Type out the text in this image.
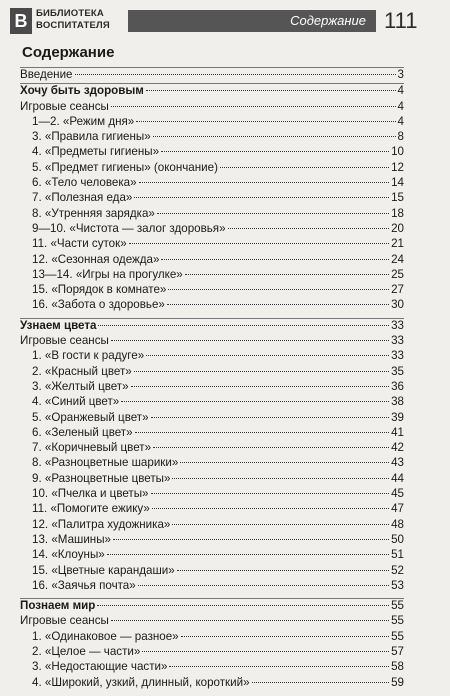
В БИБЛИОТЕКА
ВОСПИТАТЕЛЯ	Содержание 111
Содержание
Введение	3
Хочу быть здоровым	4
Игровые сеансы	4
1—2. «Режим дня»	4
3. «Правила гигиены»	8
4. «Предметы гигиены»	10
5. «Предмет гигиены» (окончание)	12
6. «Тело человека»	14
7. «Полезная еда»	15
8. «Утренняя зарядка»	18
9—10. «Чистота — залог здоровья»	20
11. «Части суток»	21
12. «Сезонная одежда»	24
13—14. «Игры на прогулке»	25
15. «Порядок в комнате»	27
16. «Забота о здоровье»	30
Узнаем цвета	33
Игровые сеансы	33
1. «В гости к радуге»	33
2. «Красный цвет»	35
3. «Желтый цвет»	36
4. «Синий цвет»	38
5. «Оранжевый цвет»	39
6. «Зеленый цвет»	41
7. «Коричневый цвет»	42
8. «Разноцветные шарики»	43
9. «Разноцветные цветы»	44
10. «Пчелка и цветы»	45
11. «Помогите ежику»	47
12. «Палитра художника»	48
13. «Машины»	50
14. «Клоуны»	51
15. «Цветные карандаши»	52
16. «Заячья почта»	53
Познаем мир	55
Игровые сеансы	55
1. «Одинаковое — разное»	55
2. «Целое — части»	57
3. «Недостающие части»	58
4. «Широкий, узкий, длинный, короткий»	59
